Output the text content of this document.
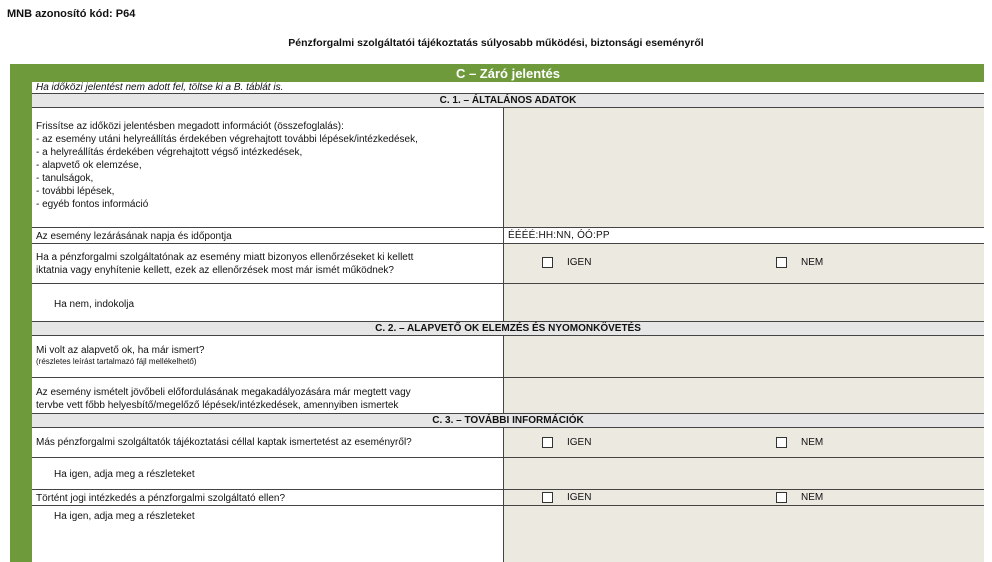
MNB azonosító kód: P64
Pénzforgalmi szolgáltatói tájékoztatás súlyosabb működési, biztonsági eseményről
C – Záró jelentés
Ha időközi jelentést nem adott fel, töltse ki a B. táblát is.
C. 1. – ÁLTALÁNOS ADATOK
Frissítse az időközi jelentésben megadott információt (összefoglalás):
- az esemény utáni helyreállítás érdekében végrehajtott további lépések/intézkedések,
- a helyreállítás érdekében végrehajtott végső intézkedések,
- alapvető ok elemzése,
- tanulságok,
- további lépések,
- egyéb fontos információ
Az esemény lezárásának napja és időpontja	ÉÉÉÉ:HH:NN, ÓÓ:PP
Ha a pénzforgalmi szolgáltatónak az esemény miatt bizonyos ellenőrzéseket ki kellett
iktatnia vagy enyhítenie kellett, ezek az ellenőrzések most már ismét működnek?
IGEN	NEM
Ha nem, indokolja
C. 2. – ALAPVETŐ OK ELEMZÉS ÉS NYOMONKÖVETÉS
Mi volt az alapvető ok, ha már ismert?
(részletes leírást tartalmazó fájl mellékelhető)
Az esemény ismételt jövőbeli előfordulásának megakadályozására már megtett vagy
tervbe vett főbb helyesbítő/megelőző lépések/intézkedések, amennyiben ismertek
C. 3. – TOVÁBBI INFORMÁCIÓK
Más pénzforgalmi szolgáltatók tájékoztatási céllal kaptak ismertetést az eseményről?	IGEN	NEM
Ha igen, adja meg a részleteket
Történt jogi intézkedés a pénzforgalmi szolgáltató ellen?	IGEN	NEM
Ha igen, adja meg a részleteket
